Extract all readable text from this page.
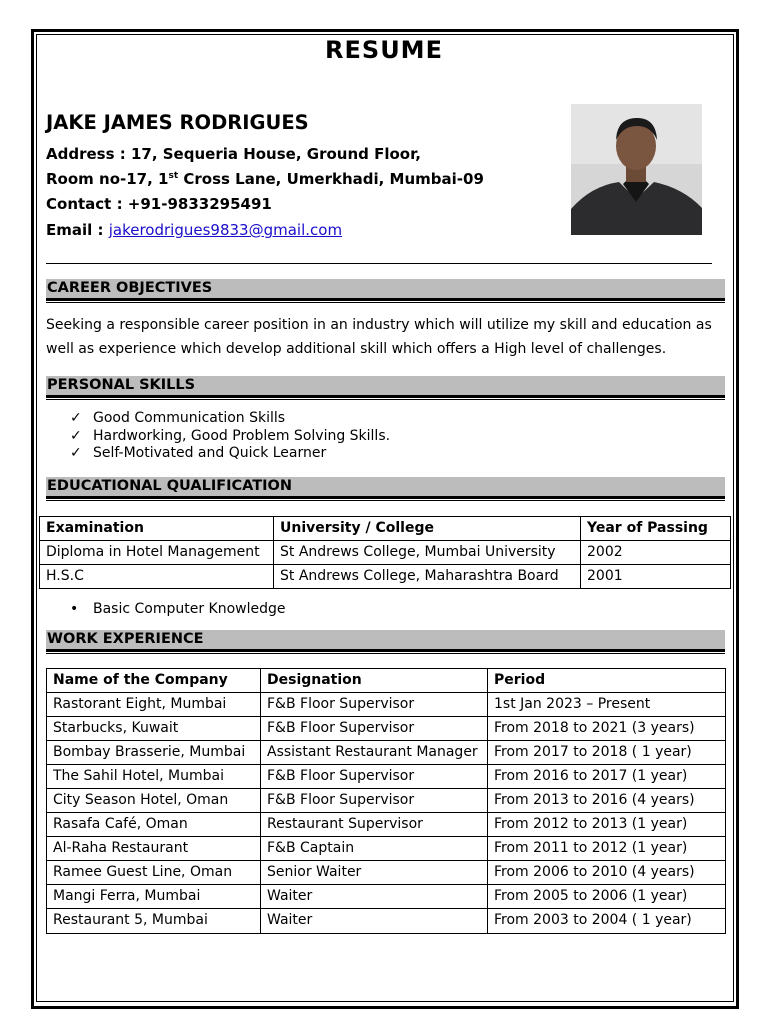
RESUME
JAKE JAMES RODRIGUES
Address : 17, Sequeria House, Ground Floor,
Room no-17, 1st Cross Lane, Umerkhadi, Mumbai-09
Contact : +91-9833295491
Email : jakerodrigues9833@gmail.com
CAREER OBJECTIVES
Seeking a responsible career position in an industry which will utilize my skill and education as well as experience which develop additional skill which offers a High level of challenges.
PERSONAL SKILLS
✓ Good Communication Skills
✓ Hardworking, Good Problem Solving Skills.
✓ Self-Motivated and Quick Learner
EDUCATIONAL QUALIFICATION
Examination	University / College	Year of Passing
Diploma in Hotel Management	St Andrews College, Mumbai University	2002
H.S.C	St Andrews College, Maharashtra Board	2001
• Basic Computer Knowledge
WORK EXPERIENCE
Name of the Company	Designation	Period
Rastorant Eight, Mumbai	F&B Floor Supervisor	1st Jan 2023 – Present
Starbucks, Kuwait	F&B Floor Supervisor	From 2018 to 2021 (3 years)
Bombay Brasserie, Mumbai	Assistant Restaurant Manager	From 2017 to 2018 ( 1 year)
The Sahil Hotel, Mumbai	F&B Floor Supervisor	From 2016 to 2017 (1 year)
City Season Hotel, Oman	F&B Floor Supervisor	From 2013 to 2016 (4 years)
Rasafa Café, Oman	Restaurant Supervisor	From 2012 to 2013 (1 year)
Al-Raha Restaurant	F&B Captain	From 2011 to 2012 (1 year)
Ramee Guest Line, Oman	Senior Waiter	From 2006 to 2010 (4 years)
Mangi Ferra, Mumbai	Waiter	From 2005 to 2006 (1 year)
Restaurant 5, Mumbai	Waiter	From 2003 to 2004 ( 1 year)
